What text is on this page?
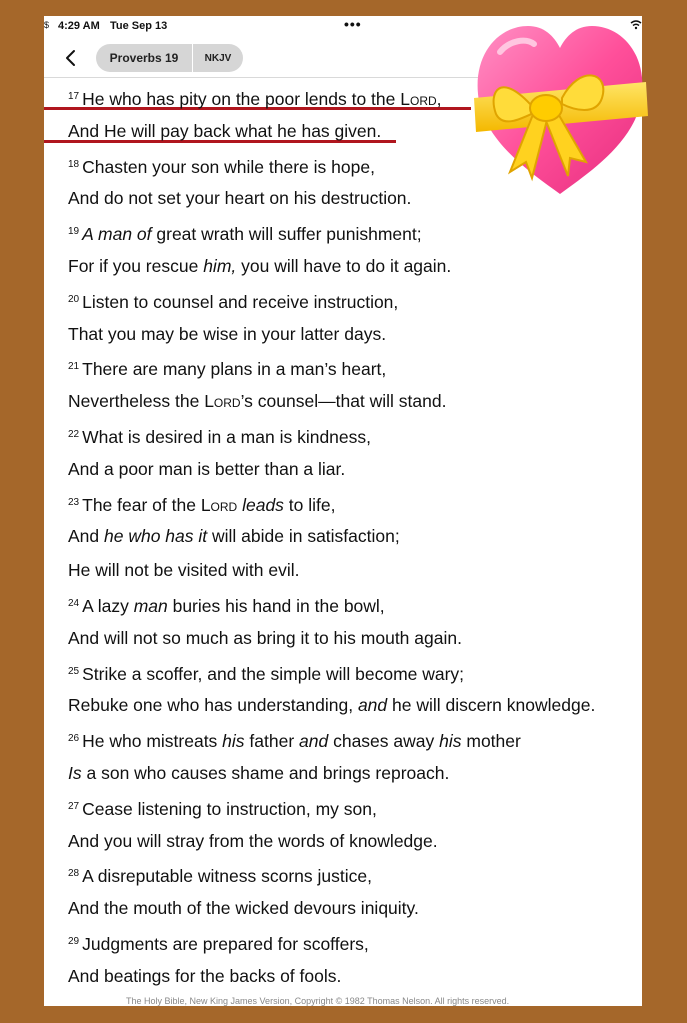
$ 4:29 AM Tue Sep 13	•••
Proverbs 19	NKJV
$^{17}$ He who has pity on the poor lends to the Lord,
And He will pay back what he has given.
$^{18}$ Chasten your son while there is hope,
And do not set your heart on his destruction.
$^{19}$ A man of great wrath will suffer punishment;
For if you rescue him, you will have to do it again.
$^{20}$ Listen to counsel and receive instruction,
That you may be wise in your latter days.
$^{21}$ There are many plans in a man’s heart,
Nevertheless the Lord’s counsel—that will stand.
$^{22}$ What is desired in a man is kindness,
And a poor man is better than a liar.
$^{23}$ The fear of the Lord leads to life,
And he who has it will abide in satisfaction;
He will not be visited with evil.
$^{24}$ A lazy man buries his hand in the bowl,
And will not so much as bring it to his mouth again.
$^{25}$ Strike a scoffer, and the simple will become wary;
Rebuke one who has understanding, and he will discern knowledge.
$^{26}$ He who mistreats his father and chases away his mother
Is a son who causes shame and brings reproach.
$^{27}$ Cease listening to instruction, my son,
And you will stray from the words of knowledge.
$^{28}$ A disreputable witness scorns justice,
And the mouth of the wicked devours iniquity.
$^{29}$ Judgments are prepared for scoffers,
And beatings for the backs of fools.
The Holy Bible, New King James Version, Copyright © 1982 Thomas Nelson. All rights reserved.
